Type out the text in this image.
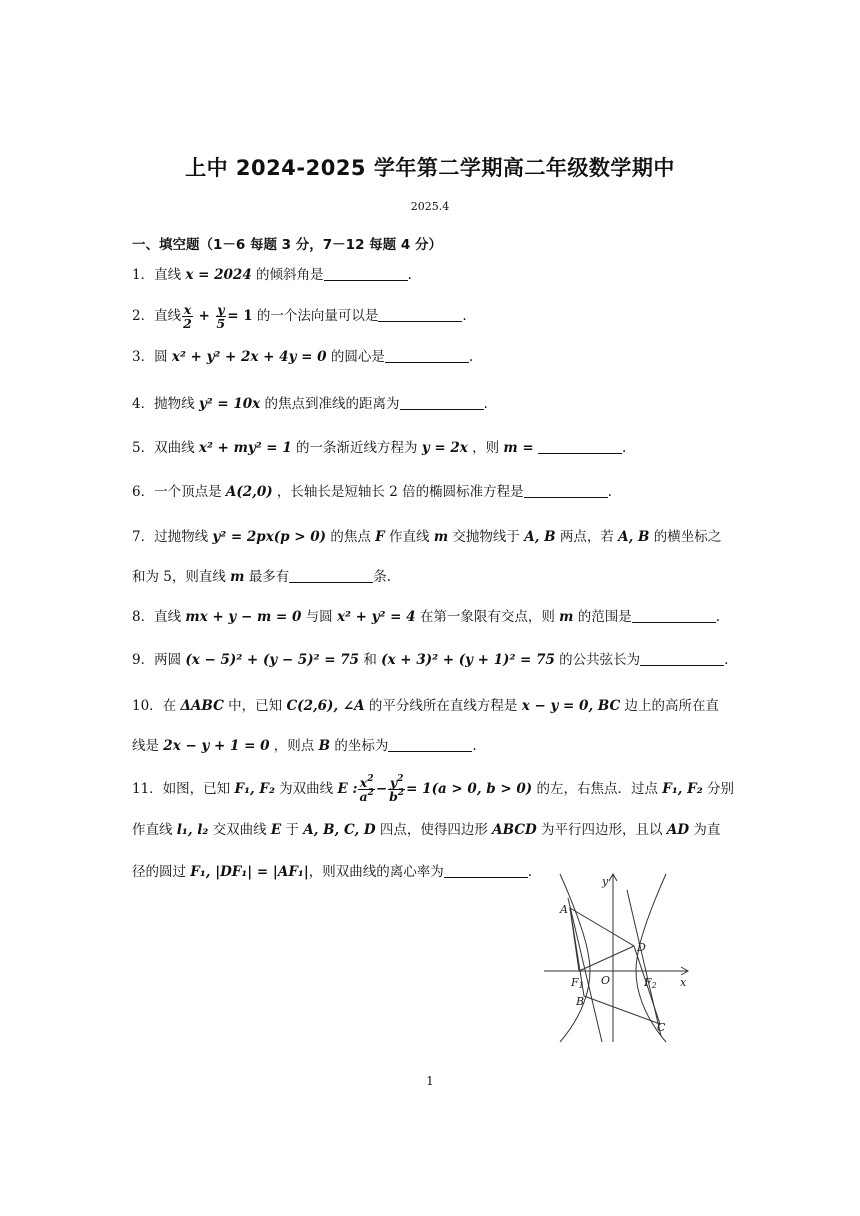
上中 2024-2025 学年第二学期高二年级数学期中
2025.4
一、填空题（1－6 每题 3 分，7－12 每题 4 分）
1．直线 x = 2024 的倾斜角是	.
2．直线 $\frac{x}{2} + \frac{y}{5} = 1$ 的一个法向量可以是	.
3．圆 x² + y² + 2x + 4y = 0 的圆心是	.
4．抛物线 y² = 10x 的焦点到准线的距离为	.
5．双曲线 x² + my² = 1 的一条渐近线方程为 y = 2x ，则 m =	.
6．一个顶点是 A(2,0) ，长轴长是短轴长 2 倍的椭圆标准方程是	.
7．过抛物线 y² = 2px(p > 0) 的焦点 F 作直线 m 交抛物线于 A, B 两点，若 A, B 的横坐标之
和为 5，则直线 m 最多有	条.
8．直线 mx + y − m = 0 与圆 x² + y² = 4 在第一象限有交点，则 m 的范围是	.
9．两圆 (x − 5)² + (y − 5)² = 75 和 (x + 3)² + (y + 1)² = 75 的公共弦长为	.
10．在 ΔABC 中，已知 C(2,6), ∠A 的平分线所在直线方程是 x − y = 0, BC 边上的高所在直
线是 2x − y + 1 = 0 ，则点 B 的坐标为	.
11．如图，已知 F₁, F₂ 为双曲线 E : $\frac{x^2}{a^2} - \frac{y^2}{b^2} = 1(a > 0$, b > 0) 的左，右焦点．过点 F₁, F₂ 分别
作直线 l₁, l₂ 交双曲线 E 于 A, B, C, D 四点，使得四边形 ABCD 为平行四边形，且以 AD 为直
径的圆过 F₁, |DF₁| = |AF₁|，则双曲线的离心率为	.
y
x
A
D
O
B
C
F1	F2
1
